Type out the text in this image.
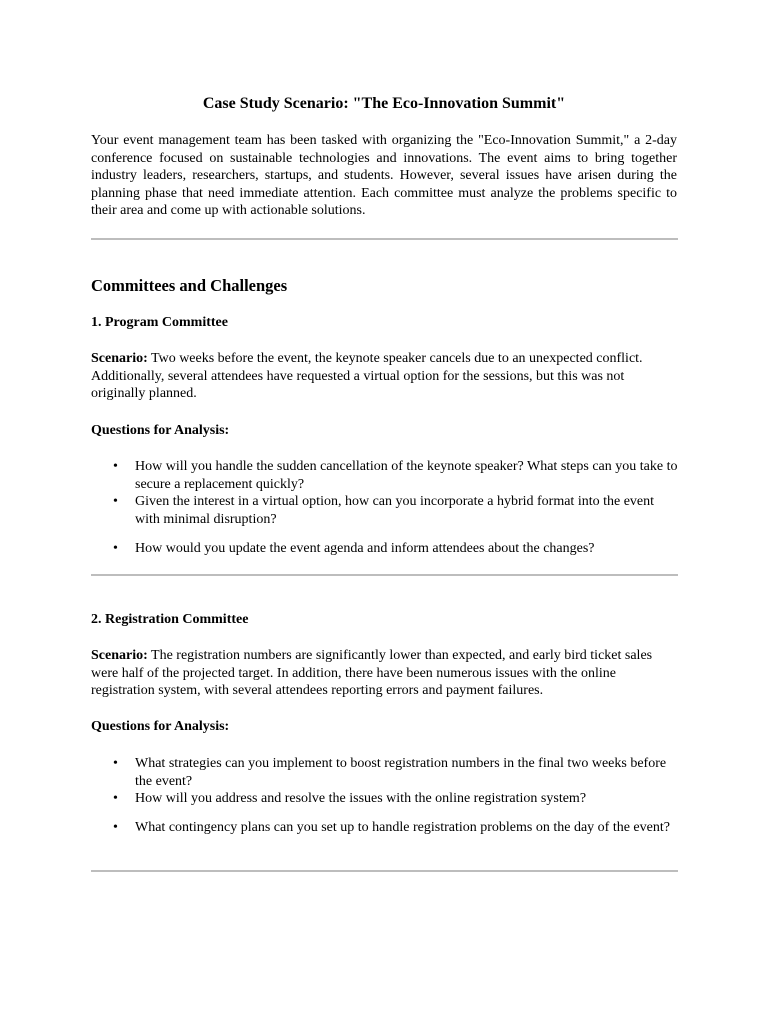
Case Study Scenario: "The Eco-Innovation Summit"

Your event management team has been tasked with organizing the "Eco-Innovation Summit," a 2-day conference focused on sustainable technologies and innovations. The event aims to bring together industry leaders, researchers, startups, and students. However, several issues have arisen during the planning phase that need immediate attention. Each committee must analyze the problems specific to their area and come up with actionable solutions.

Committees and Challenges
1. Program Committee

Scenario: Two weeks before the event, the keynote speaker cancels due to an unexpected conflict. Additionally, several attendees have requested a virtual option for the sessions, but this was not originally planned.

Questions for Analysis:
• How will you handle the sudden cancellation of the keynote speaker? What steps can you take to secure a replacement quickly?
• Given the interest in a virtual option, how can you incorporate a hybrid format into the event with minimal disruption?
• How would you update the event agenda and inform attendees about the changes?
2. Registration Committee

Scenario: The registration numbers are significantly lower than expected, and early bird ticket sales were half of the projected target. In addition, there have been numerous issues with the online registration system, with several attendees reporting errors and payment failures.

Questions for Analysis:
• What strategies can you implement to boost registration numbers in the final two weeks before the event?
• How will you address and resolve the issues with the online registration system?
• What contingency plans can you set up to handle registration problems on the day of the event?
